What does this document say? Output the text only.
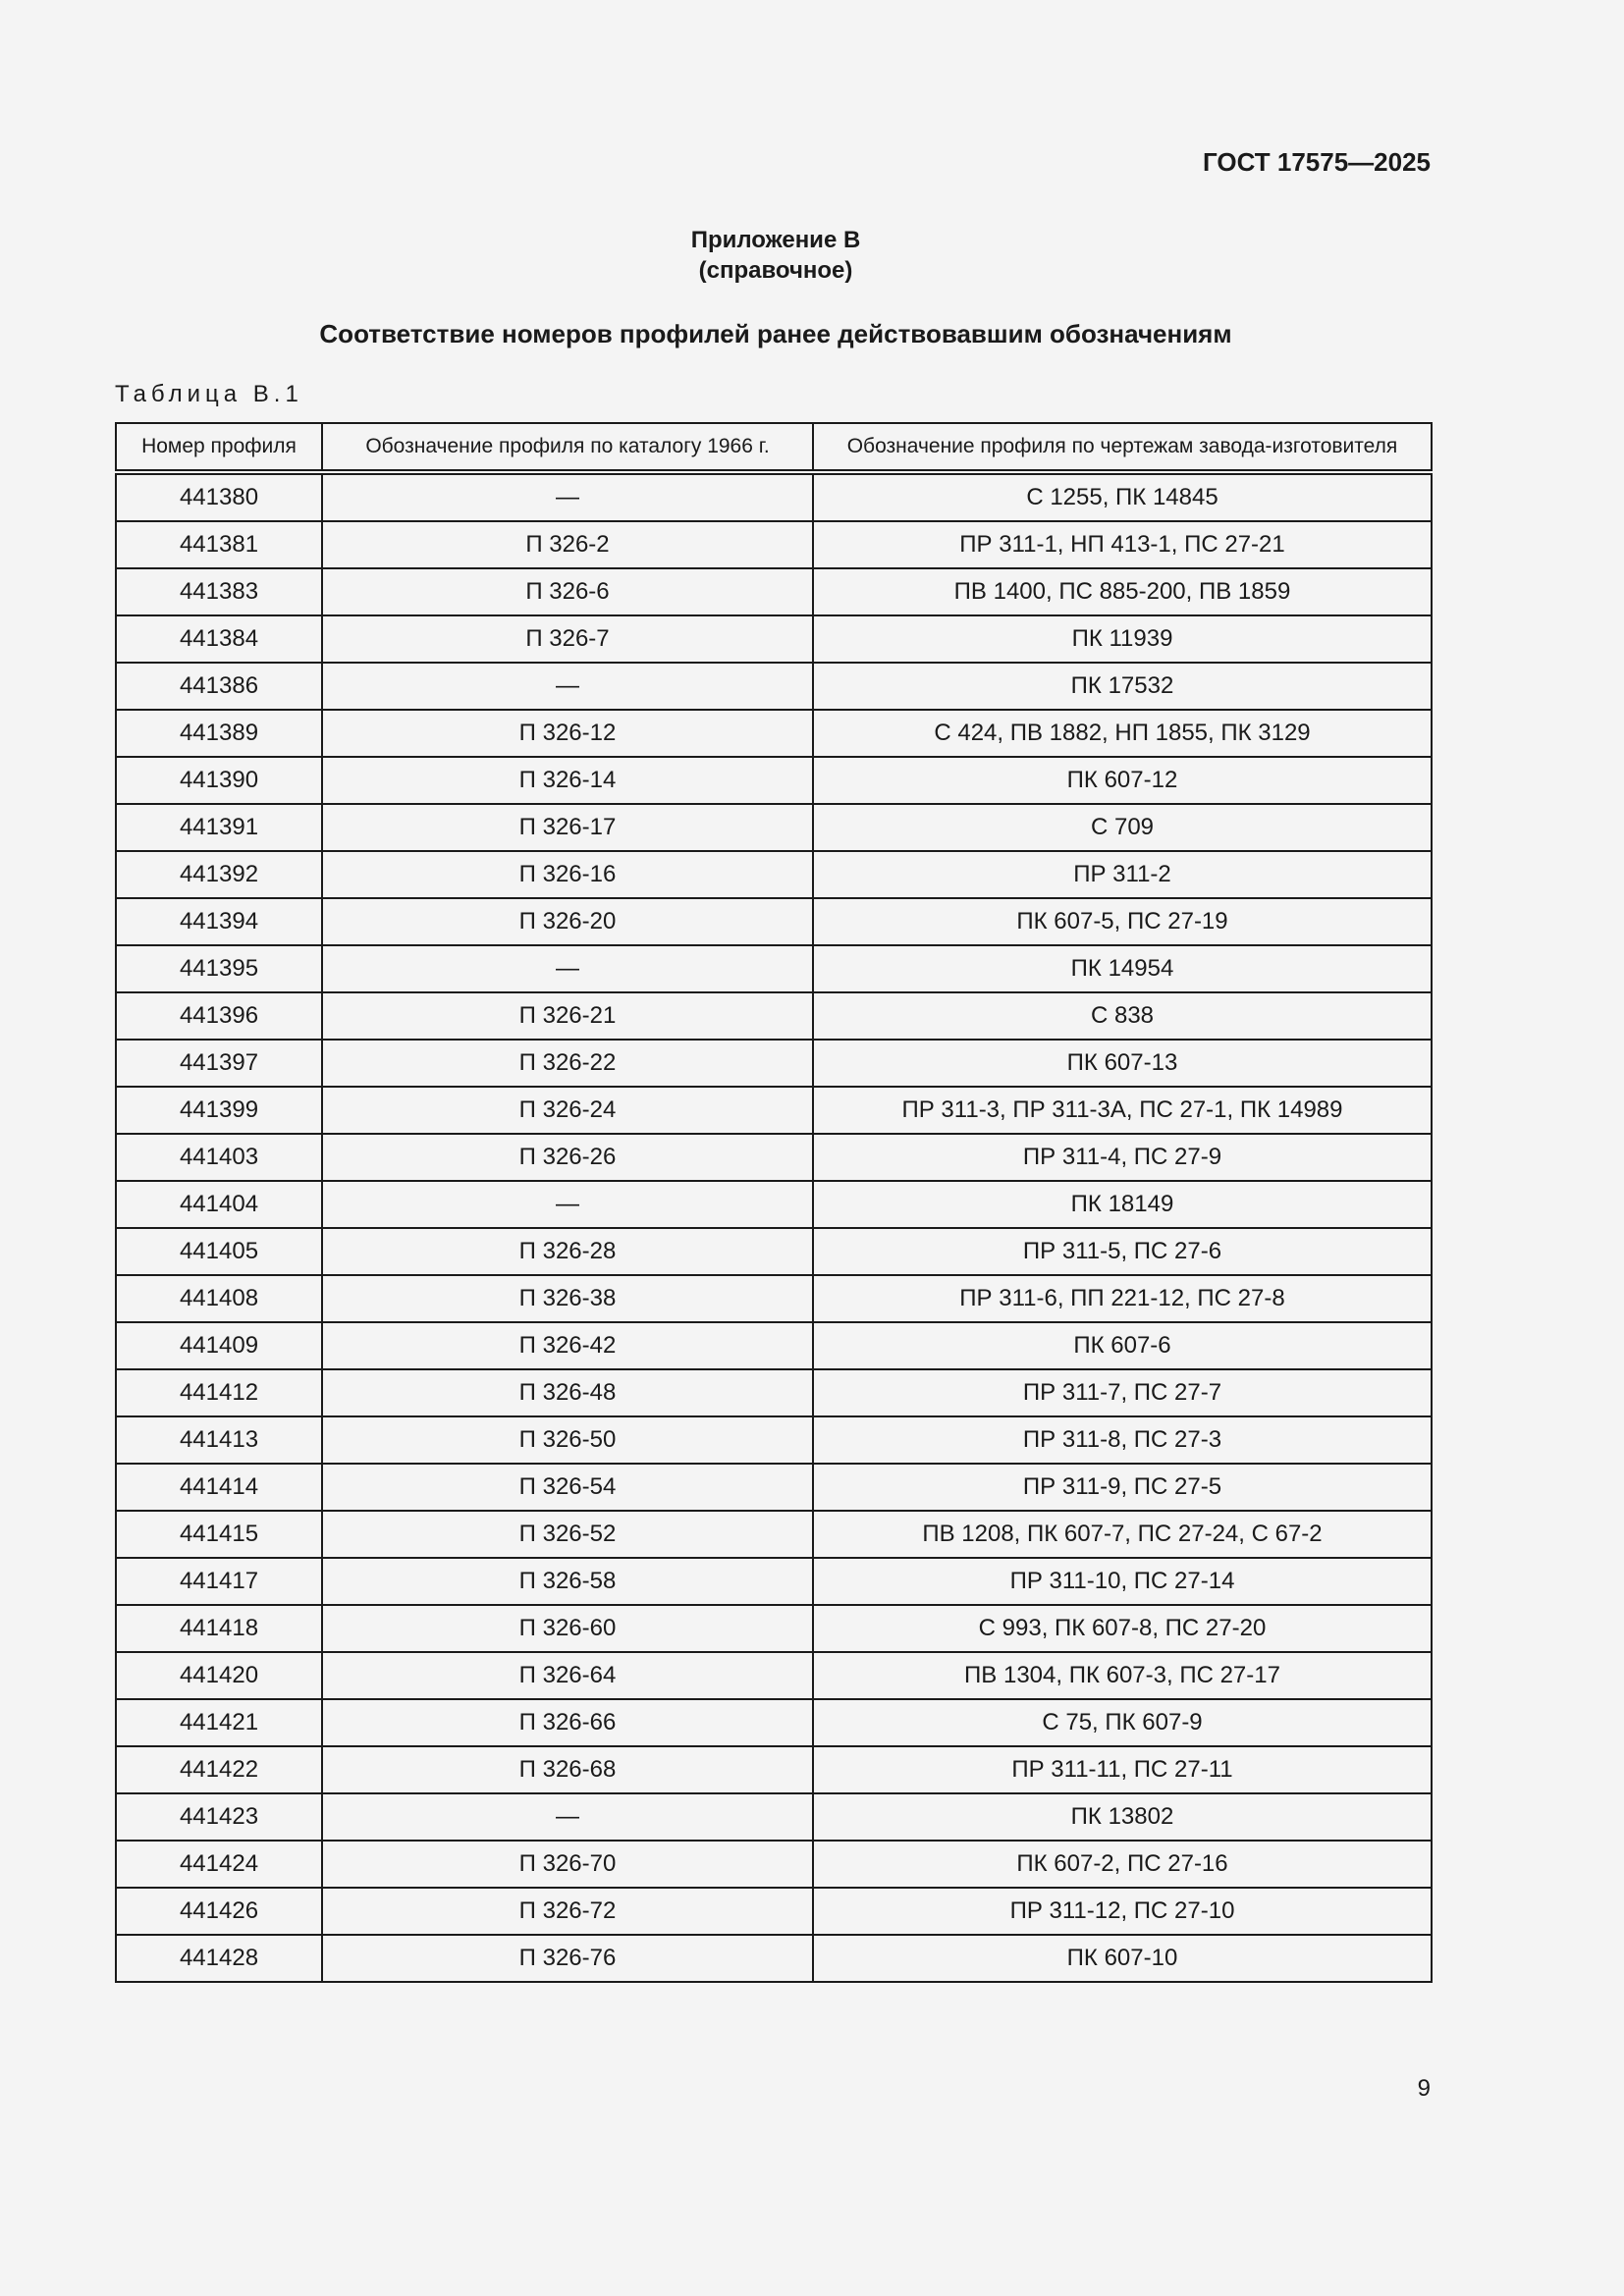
ГОСТ 17575—2025
Приложение В
(справочное)
Соответствие номеров профилей ранее действовавшим обозначениям
Таблица В.1
Номер профиля	Обозначение профиля по каталогу 1966 г.	Обозначение профиля по чертежам завода-изготовителя
441380	—	С 1255, ПК 14845
441381	П 326-2	ПР 311-1, НП 413-1, ПС 27-21
441383	П 326-6	ПВ 1400, ПС 885-200, ПВ 1859
441384	П 326-7	ПК 11939
441386	—	ПК 17532
441389	П 326-12	С 424, ПВ 1882, НП 1855, ПК 3129
441390	П 326-14	ПК 607-12
441391	П 326-17	С 709
441392	П 326-16	ПР 311-2
441394	П 326-20	ПК 607-5, ПС 27-19
441395	—	ПК 14954
441396	П 326-21	С 838
441397	П 326-22	ПК 607-13
441399	П 326-24	ПР 311-3, ПР 311-3А, ПС 27-1, ПК 14989
441403	П 326-26	ПР 311-4, ПС 27-9
441404	—	ПК 18149
441405	П 326-28	ПР 311-5, ПС 27-6
441408	П 326-38	ПР 311-6, ПП 221-12, ПС 27-8
441409	П 326-42	ПК 607-6
441412	П 326-48	ПР 311-7, ПС 27-7
441413	П 326-50	ПР 311-8, ПС 27-3
441414	П 326-54	ПР 311-9, ПС 27-5
441415	П 326-52	ПВ 1208, ПК 607-7, ПС 27-24, С 67-2
441417	П 326-58	ПР 311-10, ПС 27-14
441418	П 326-60	С 993, ПК 607-8, ПС 27-20
441420	П 326-64	ПВ 1304, ПК 607-3, ПС 27-17
441421	П 326-66	С 75, ПК 607-9
441422	П 326-68	ПР 311-11, ПС 27-11
441423	—	ПК 13802
441424	П 326-70	ПК 607-2, ПС 27-16
441426	П 326-72	ПР 311-12, ПС 27-10
441428	П 326-76	ПК 607-10
9
